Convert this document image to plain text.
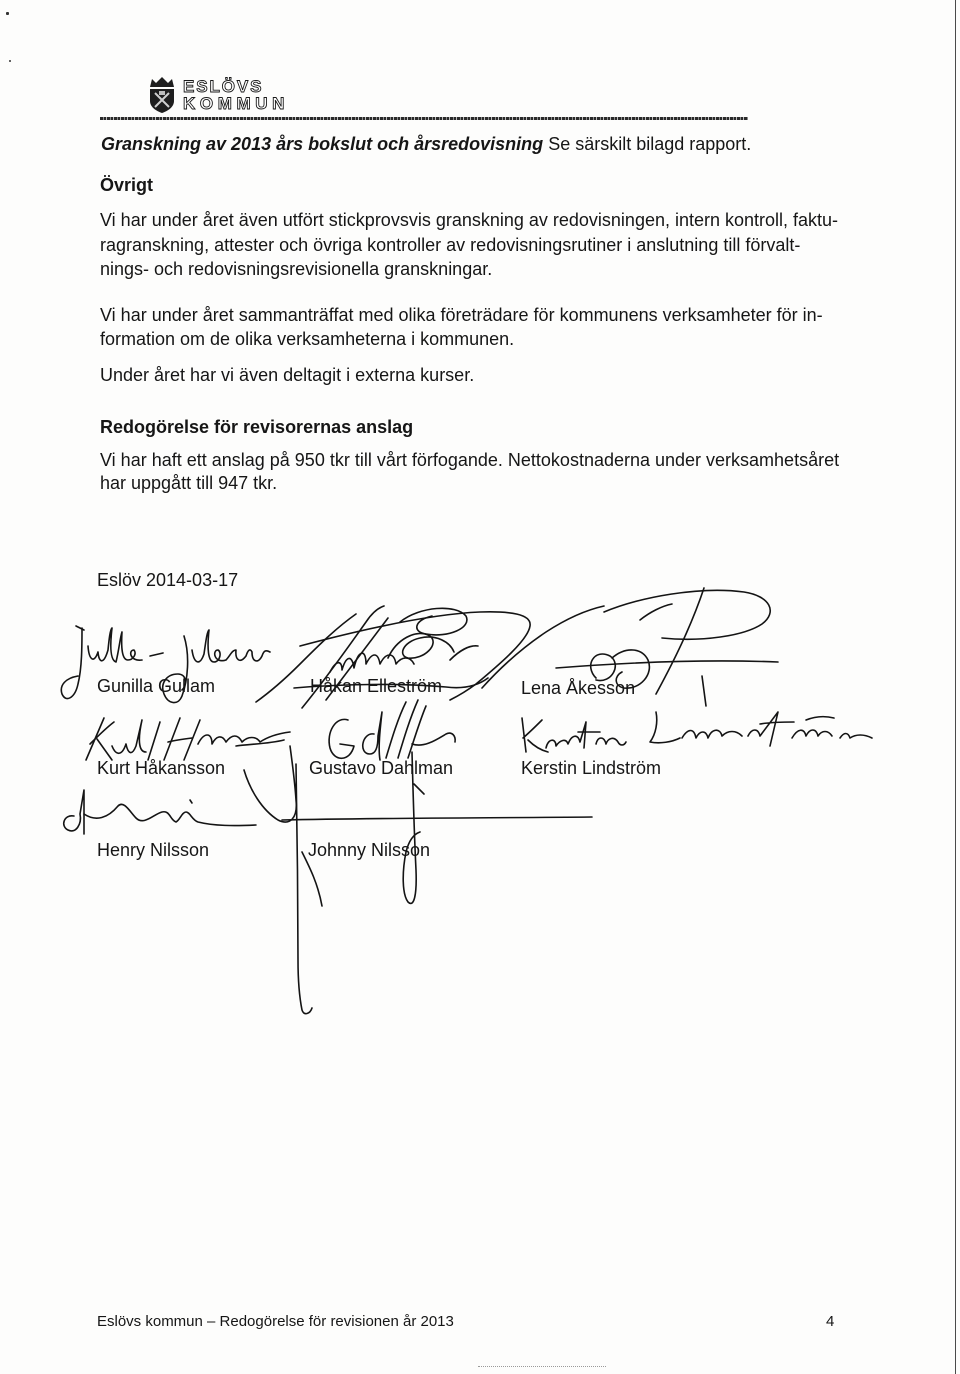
ESLÖVS
KOMMUN
Granskning av 2013 års bokslut och årsredovisning Se särskilt bilagd rapport.
Övrigt
Vi har under året även utfört stickprovsvis granskning av redovisningen, intern kontroll, faktu-
ragranskning, attester och övriga kontroller av redovisningsrutiner i anslutning till förvalt-
nings- och redovisningsrevisionella granskningar.
Vi har under året sammanträffat med olika företrädare för kommunens verksamheter för in-
formation om de olika verksamheterna i kommunen.
Under året har vi även deltagit i externa kurser.
Redogörelse för revisorernas anslag
Vi har haft ett anslag på 950 tkr till vårt förfogande. Nettokostnaderna under verksamhetsåret
har uppgått till 947 tkr.
Eslöv 2014-03-17
Gunilla Gullam	Håkan Elleström	Lena Åkesson
Kurt Håkansson	Gustavo Dahlman	Kerstin Lindström
Henry Nilsson	Johnny Nilsson
Eslövs kommun – Redogörelse för revisionen år 2013	4
